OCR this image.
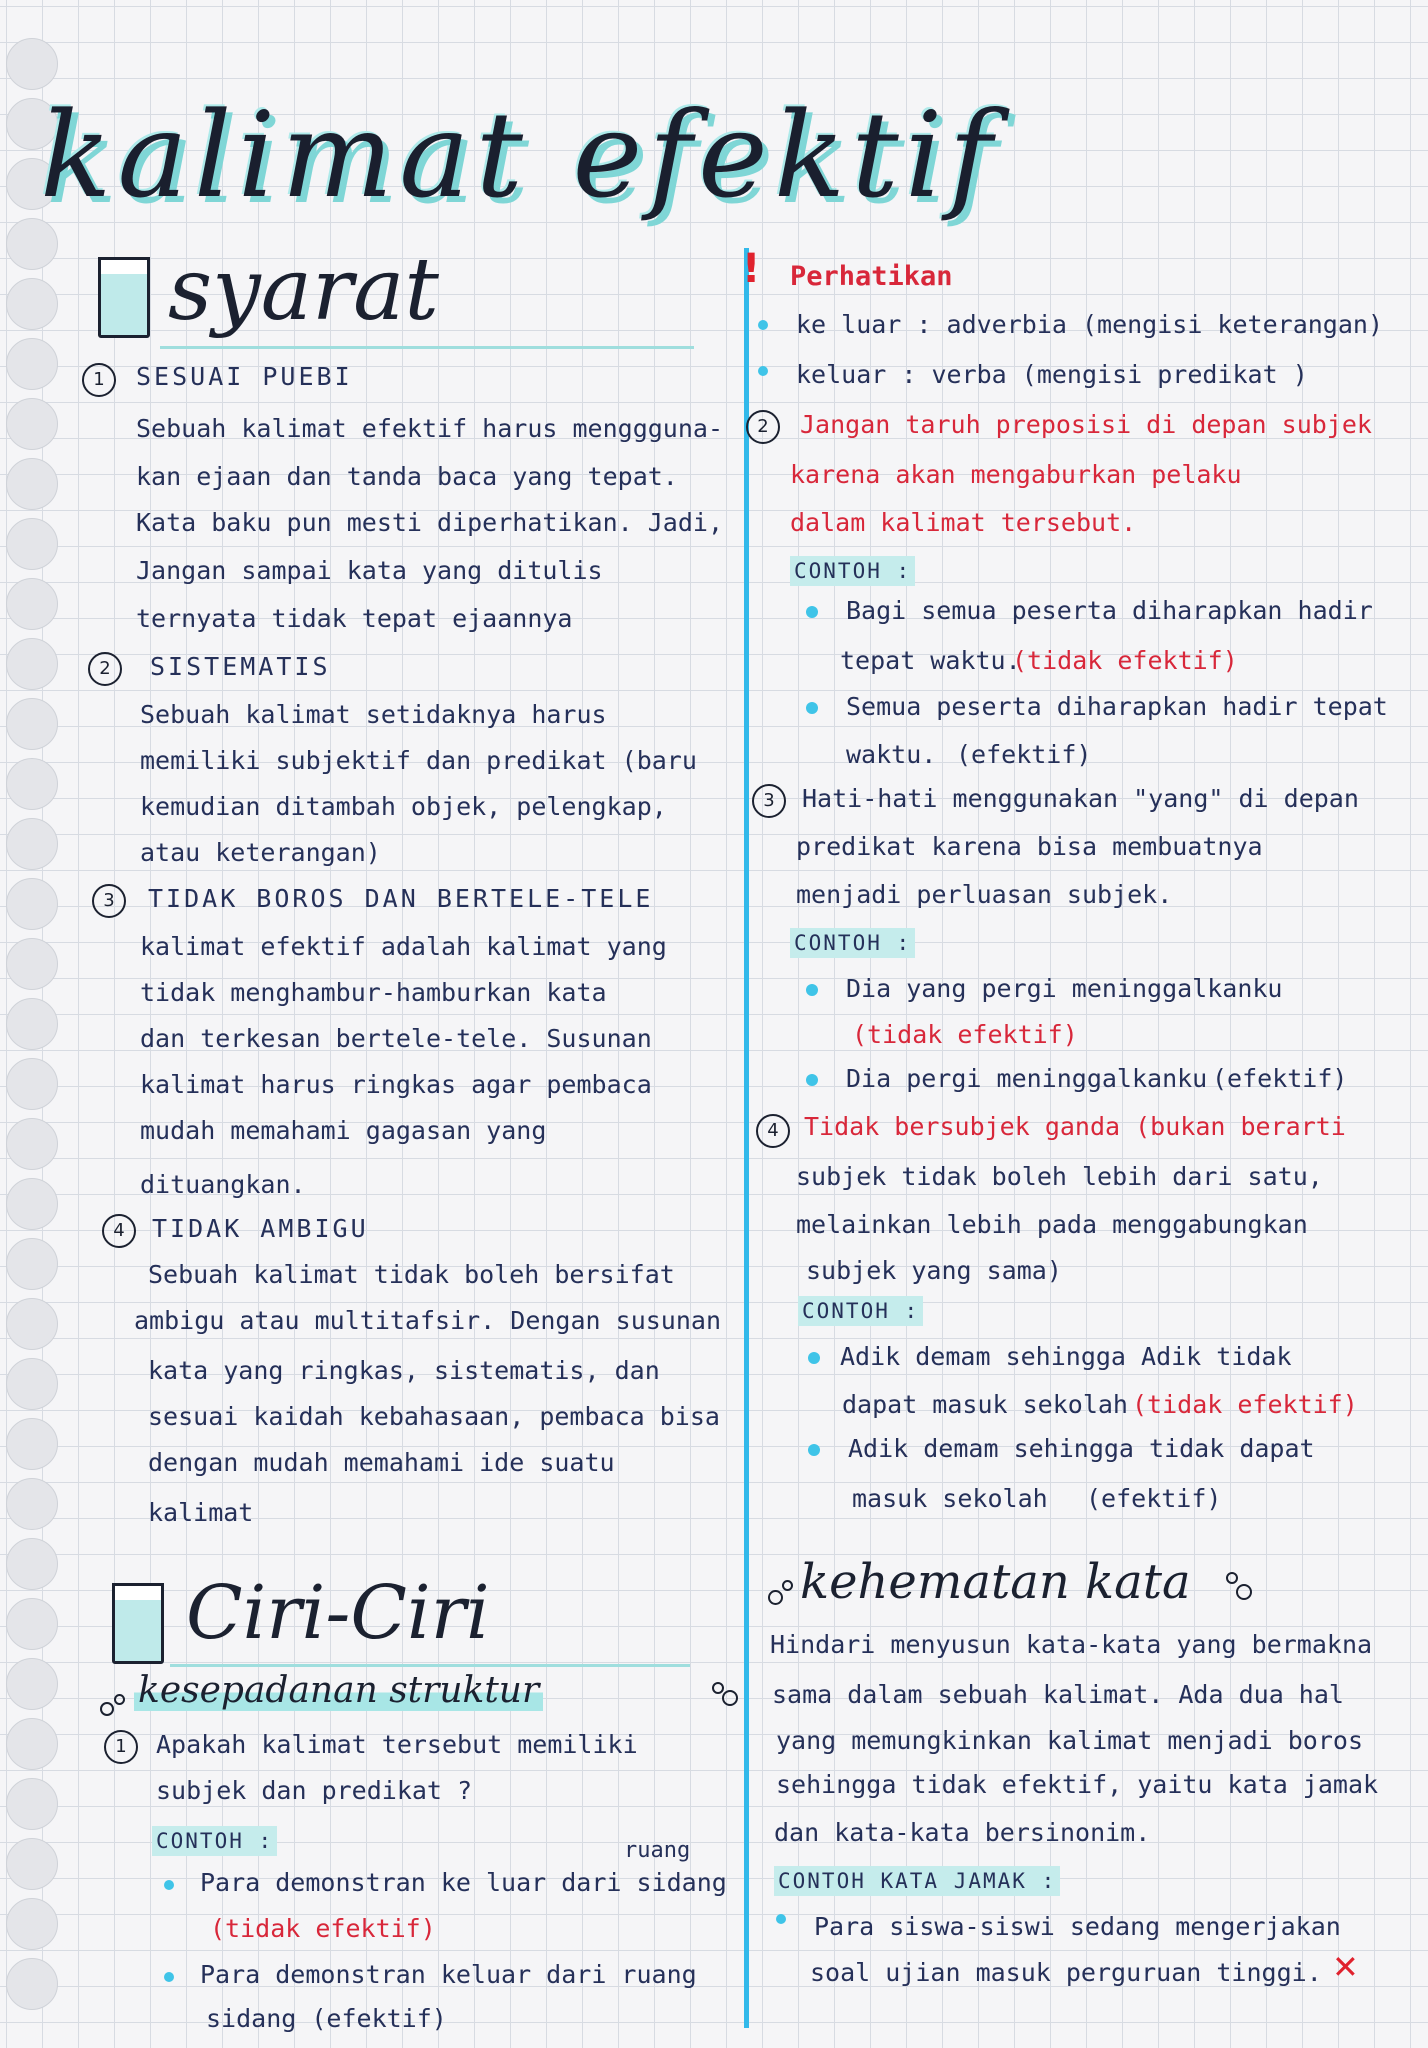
kalimat efektif
syarat
1	SESUAI PUEBI
Sebuah kalimat efektif harus menggguna-
kan ejaan dan tanda baca yang tepat.
Kata baku pun mesti diperhatikan. Jadi,
Jangan sampai kata yang ditulis
ternyata tidak tepat ejaannya
2	SISTEMATIS
Sebuah kalimat setidaknya harus
memiliki subjektif dan predikat (baru
kemudian ditambah objek, pelengkap,
atau keterangan)
3	TIDAK BOROS DAN BERTELE-TELE
kalimat efektif adalah kalimat yang
tidak menghambur-hamburkan kata
dan terkesan bertele-tele. Susunan
kalimat harus ringkas agar pembaca
mudah memahami gagasan yang
dituangkan.
4	TIDAK AMBIGU
Sebuah kalimat tidak boleh bersifat
ambigu atau multitafsir. Dengan susunan
kata yang ringkas, sistematis, dan
sesuai kaidah kebahasaan, pembaca bisa
dengan mudah memahami ide suatu
kalimat
Ciri-Ciri
kesepadanan struktur
1	Apakah kalimat tersebut memiliki
subjek dan predikat ?
CONTOH :	ruang
Para demonstran ke luar dari sidang
(tidak efektif)
Para demonstran keluar dari ruang
sidang (efektif)
! Perhatikan
ke luar : adverbia (mengisi keterangan)
keluar : verba (mengisi predikat )
2	Jangan taruh preposisi di depan subjek
karena akan mengaburkan pelaku
dalam kalimat tersebut.
CONTOH :
Bagi semua peserta diharapkan hadir
tepat waktu.
(tidak efektif)
Semua peserta diharapkan hadir tepat
waktu. (efektif)
3	Hati-hati menggunakan "yang" di depan
predikat karena bisa membuatnya
menjadi perluasan subjek.
CONTOH :
Dia yang pergi meninggalkanku
(tidak efektif)
Dia pergi meninggalkanku (efektif)
4	Tidak bersubjek ganda (bukan berarti
subjek tidak boleh lebih dari satu,
melainkan lebih pada menggabungkan
subjek yang sama)
CONTOH :
Adik demam sehingga Adik tidak
dapat masuk sekolah (tidak efektif)
Adik demam sehingga tidak dapat
masuk sekolah (efektif)
kehematan kata
Hindari menyusun kata-kata yang bermakna
sama dalam sebuah kalimat. Ada dua hal
yang memungkinkan kalimat menjadi boros
sehingga tidak efektif, yaitu kata jamak
dan kata-kata bersinonim.
CONTOH KATA JAMAK :
Para siswa-siswi sedang mengerjakan
soal ujian masuk perguruan tinggi. ✕
